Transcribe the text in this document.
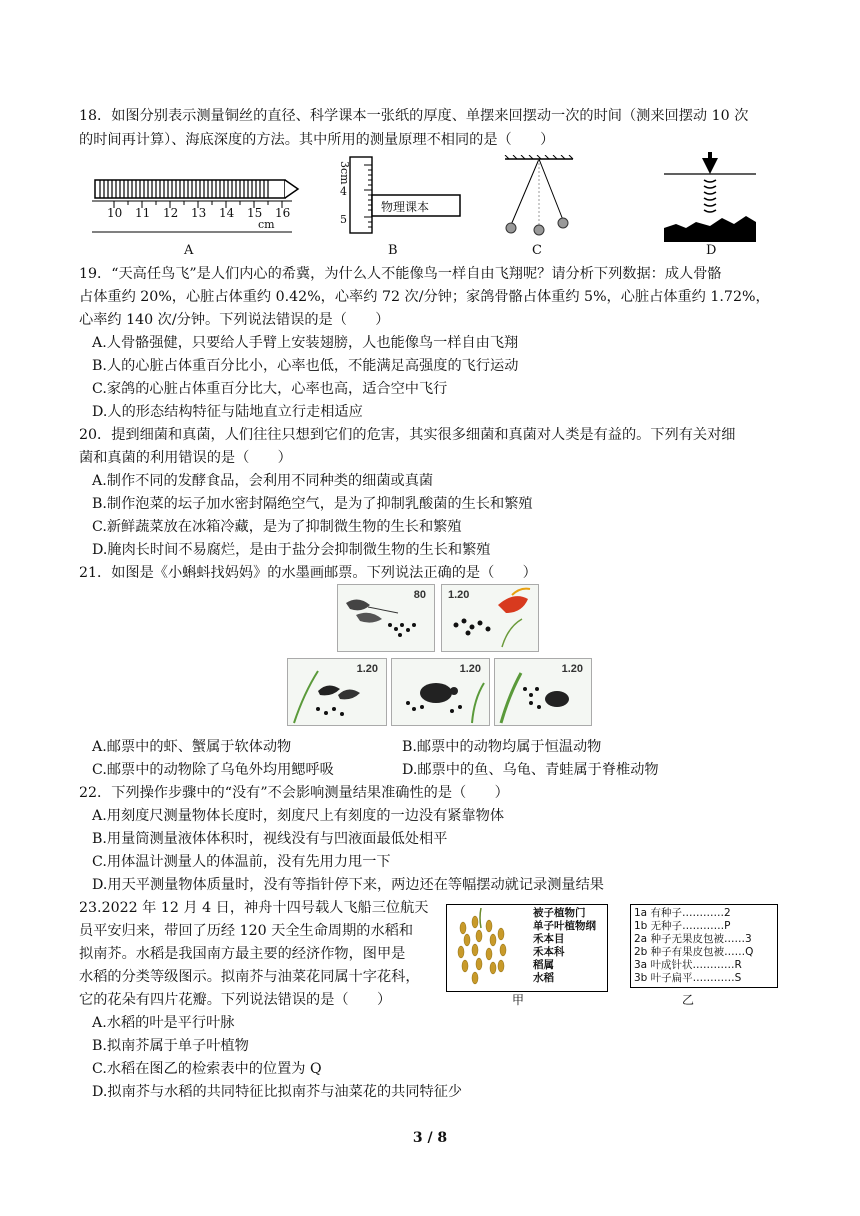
18．如图分别表示测量铜丝的直径、科学课本一张纸的厚度、单摆来回摆动一次的时间（测来回摆动 10 次
的时间再计算）、海底深度的方法。其中所用的测量原理不相同的是（　　）
10 11 12 13 14 15 16
cm
3cm
4
5
物理课本
A	B	C	D
19．“天高任鸟飞”是人们内心的希冀，为什么人不能像鸟一样自由飞翔呢？请分析下列数据：成人骨骼
占体重约 20%，心脏占体重约 0.42%，心率约 72 次/分钟；家鸽骨骼占体重约 5%，心脏占体重约 1.72%，
心率约 140 次/分钟。下列说法错误的是（　　）
A.人骨骼强健，只要给人手臂上安装翅膀，人也能像鸟一样自由飞翔
B.人的心脏占体重百分比小，心率也低，不能满足高强度的飞行运动
C.家鸽的心脏占体重百分比大，心率也高，适合空中飞行
D.人的形态结构特征与陆地直立行走相适应
20．提到细菌和真菌，人们往往只想到它们的危害，其实很多细菌和真菌对人类是有益的。下列有关对细
菌和真菌的利用错误的是（　　）
A.制作不同的发酵食品，会利用不同种类的细菌或真菌
B.制作泡菜的坛子加水密封隔绝空气，是为了抑制乳酸菌的生长和繁殖
C.新鲜蔬菜放在冰箱冷藏，是为了抑制微生物的生长和繁殖
D.腌肉长时间不易腐烂，是由于盐分会抑制微生物的生长和繁殖
21．如图是《小蝌蚪找妈妈》的水墨画邮票。下列说法正确的是（　　）
80 1.20
1.20	1.20	1.20
A.邮票中的虾、蟹属于软体动物	B.邮票中的动物均属于恒温动物
C.邮票中的动物除了乌龟外均用鳃呼吸	D.邮票中的鱼、乌龟、青蛙属于脊椎动物
22．下列操作步骤中的“没有”不会影响测量结果准确性的是（　　）
A.用刻度尺测量物体长度时，刻度尺上有刻度的一边没有紧靠物体
B.用量筒测量液体体积时，视线没有与凹液面最低处相平
C.用体温计测量人的体温前，没有先用力甩一下
D.用天平测量物体质量时，没有等指针停下来，两边还在等幅摆动就记录测量结果
23.2022 年 12 月 4 日，神舟十四号载人飞船三位航天
员平安归来，带回了历经 120 天全生命周期的水稻和
拟南芥。水稻是我国南方最主要的经济作物，图甲是
水稻的分类等级图示。拟南芥与油菜花同属十字花科，
它的花朵有四片花瓣。下列说法错误的是（　　）
被子植物门
单子叶植物纲
禾本目
禾本科
稻属
水稻
甲
1a 有种子…………2
1b 无种子…………P
2a 种子无果皮包被……3
2b 种子有果皮包被……Q
3a 叶成针状…………R
3b 叶子扁平…………S
乙
A.水稻的叶是平行叶脉
B.拟南芥属于单子叶植物
C.水稻在图乙的检索表中的位置为 Q
D.拟南芥与水稻的共同特征比拟南芥与油菜花的共同特征少
3 / 8
